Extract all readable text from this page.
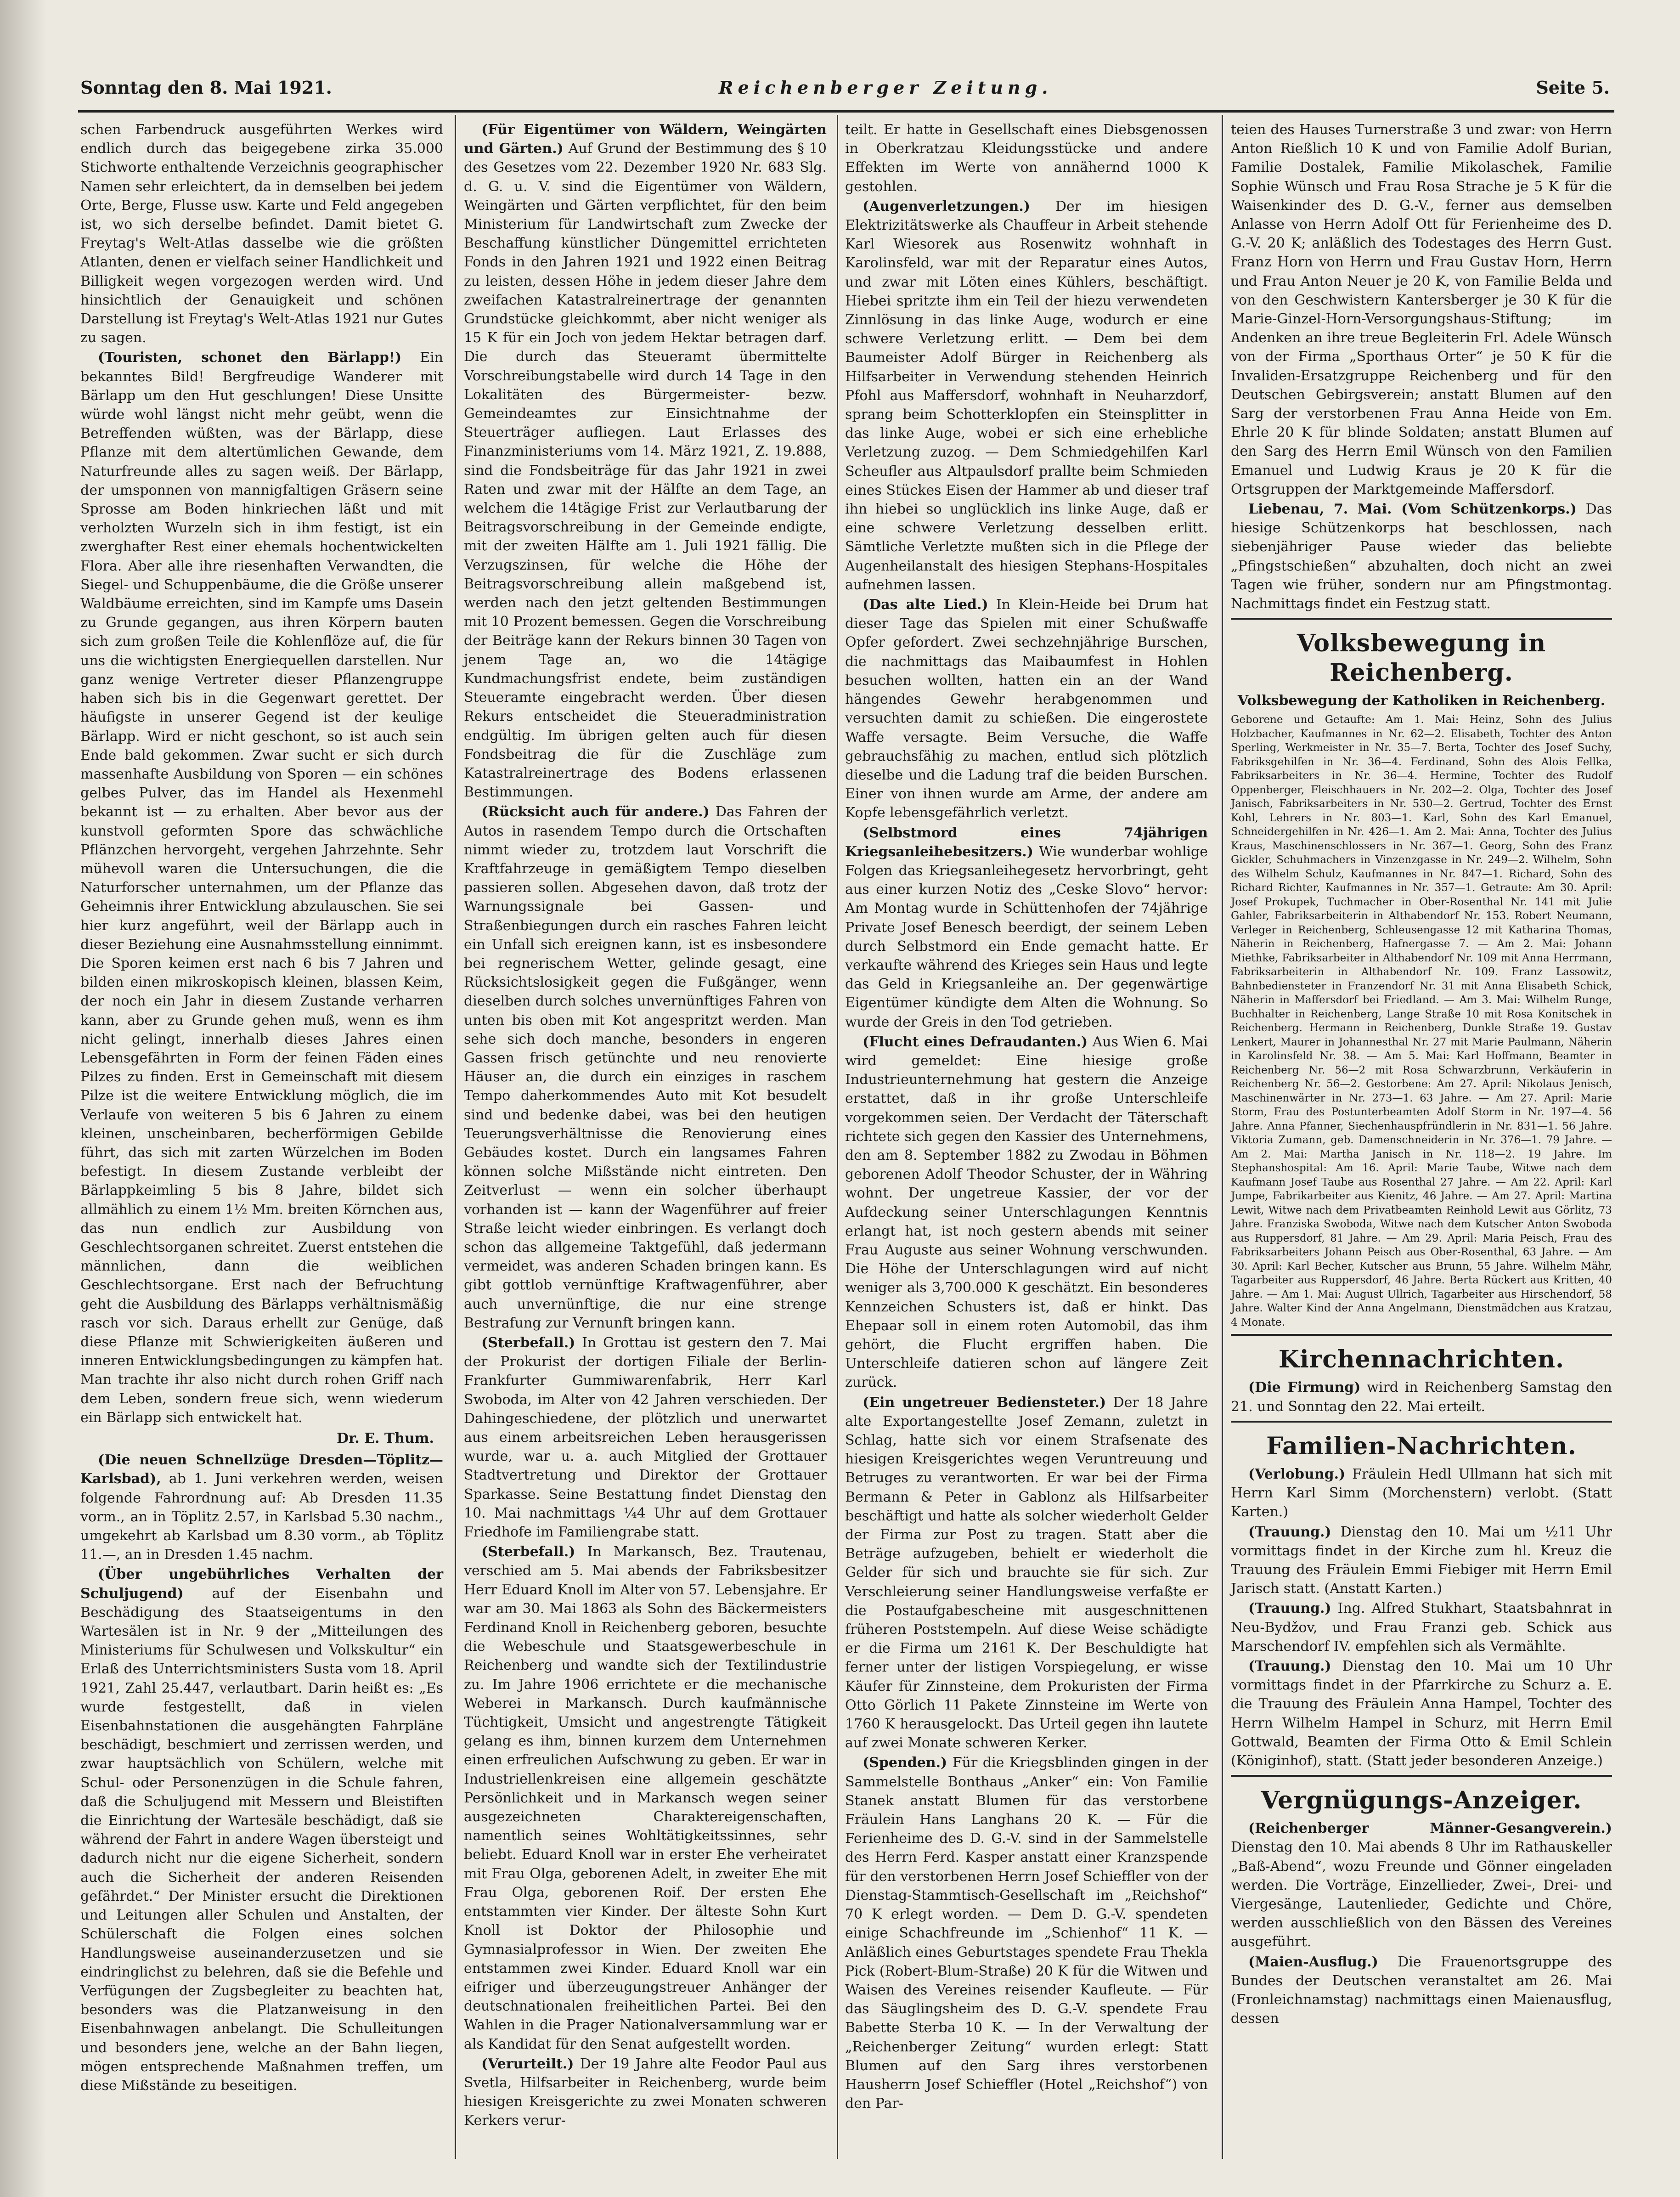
Sonntag den 8. Mai 1921.	Reichenberger Zeitung.	Seite 5.

schen Farbendruck ausgeführten Werkes wird endlich durch das beigegebene zirka 35.000 Stichworte enthaltende Verzeichnis geographischer Namen sehr erleichtert, da in demselben bei jedem Orte, Berge, Flusse usw. Karte und Feld angegeben ist, wo sich derselbe befindet. Damit bietet G. Freytag's Welt-Atlas dasselbe wie die größten Atlanten, denen er vielfach seiner Handlichkeit und Billigkeit wegen vorgezogen werden wird. Und hinsichtlich der Genauigkeit und schönen Darstellung ist Freytag's Welt-Atlas 1921 nur Gutes zu sagen.

(Touristen, schonet den Bärlapp!) Ein bekanntes Bild! Bergfreudige Wanderer mit Bärlapp um den Hut geschlungen! Diese Unsitte würde wohl längst nicht mehr geübt, wenn die Betreffenden wüßten, was der Bärlapp, diese Pflanze mit dem altertümlichen Gewande, dem Naturfreunde alles zu sagen weiß. Der Bärlapp, der umsponnen von mannigfaltigen Gräsern seine Sprosse am Boden hinkriechen läßt und mit verholzten Wurzeln sich in ihm festigt, ist ein zwerghafter Rest einer ehemals hochentwickelten Flora. Aber alle ihre riesenhaften Verwandten, die Siegel- und Schuppenbäume, die die Größe unserer Waldbäume erreichten, sind im Kampfe ums Dasein zu Grunde gegangen, aus ihren Körpern bauten sich zum großen Teile die Kohlenflöze auf, die für uns die wichtigsten Energiequellen darstellen. Nur ganz wenige Vertreter dieser Pflanzengruppe haben sich bis in die Gegenwart gerettet. Der häufigste in unserer Gegend ist der keulige Bärlapp. Wird er nicht geschont, so ist auch sein Ende bald gekommen. Zwar sucht er sich durch massenhafte Ausbildung von Sporen — ein schönes gelbes Pulver, das im Handel als Hexenmehl bekannt ist — zu erhalten. Aber bevor aus der kunstvoll geformten Spore das schwächliche Pflänzchen hervorgeht, vergehen Jahrzehnte. Sehr mühevoll waren die Untersuchungen, die die Naturforscher unternahmen, um der Pflanze das Geheimnis ihrer Entwicklung abzulauschen. Sie sei hier kurz angeführt, weil der Bärlapp auch in dieser Beziehung eine Ausnahmsstellung einnimmt. Die Sporen keimen erst nach 6 bis 7 Jahren und bilden einen mikroskopisch kleinen, blassen Keim, der noch ein Jahr in diesem Zustande verharren kann, aber zu Grunde gehen muß, wenn es ihm nicht gelingt, innerhalb dieses Jahres einen Lebensgefährten in Form der feinen Fäden eines Pilzes zu finden. Erst in Gemeinschaft mit diesem Pilze ist die weitere Entwicklung möglich, die im Verlaufe von weiteren 5 bis 6 Jahren zu einem kleinen, unscheinbaren, becherförmigen Gebilde führt, das sich mit zarten Würzelchen im Boden befestigt. In diesem Zustande verbleibt der Bärlappkeimling 5 bis 8 Jahre, bildet sich allmählich zu einem 1½ Mm. breiten Körnchen aus, das nun endlich zur Ausbildung von Geschlechtsorganen schreitet. Zuerst entstehen die männlichen, dann die weiblichen Geschlechtsorgane. Erst nach der Befruchtung geht die Ausbildung des Bärlapps verhältnismäßig rasch vor sich. Daraus erhellt zur Genüge, daß diese Pflanze mit Schwierigkeiten äußeren und inneren Entwicklungsbedingungen zu kämpfen hat. Man trachte ihr also nicht durch rohen Griff nach dem Leben, sondern freue sich, wenn wiederum ein Bärlapp sich entwickelt hat.

Dr. E. Thum.

(Die neuen Schnellzüge Dresden—Töplitz—Karlsbad), ab 1. Juni verkehren werden, weisen folgende Fahrordnung auf: Ab Dresden 11.35 vorm., an in Töplitz 2.57, in Karlsbad 5.30 nachm., umgekehrt ab Karlsbad um 8.30 vorm., ab Töplitz 11.—, an in Dresden 1.45 nachm.

(Über ungebührliches Verhalten der Schuljugend) auf der Eisenbahn und Beschädigung des Staatseigentums in den Wartesälen ist in Nr. 9 der „Mitteilungen des Ministeriums für Schulwesen und Volkskultur“ ein Erlaß des Unterrichtsministers Susta vom 18. April 1921, Zahl 25.447, verlautbart. Darin heißt es: „Es wurde festgestellt, daß in vielen Eisenbahnstationen die ausgehängten Fahrpläne beschädigt, beschmiert und zerrissen werden, und zwar hauptsächlich von Schülern, welche mit Schul- oder Personenzügen in die Schule fahren, daß die Schuljugend mit Messern und Bleistiften die Einrichtung der Wartesäle beschädigt, daß sie während der Fahrt in andere Wagen übersteigt und dadurch nicht nur die eigene Sicherheit, sondern auch die Sicherheit der anderen Reisenden gefährdet.“ Der Minister ersucht die Direktionen und Leitungen aller Schulen und Anstalten, der Schülerschaft die Folgen eines solchen Handlungsweise auseinanderzusetzen und sie eindringlichst zu belehren, daß sie die Befehle und Verfügungen der Zugsbegleiter zu beachten hat, besonders was die Platzanweisung in den Eisenbahnwagen anbelangt. Die Schulleitungen und besonders jene, welche an der Bahn liegen, mögen entsprechende Maßnahmen treffen, um diese Mißstände zu beseitigen.

(Für Eigentümer von Wäldern, Weingärten und Gärten.) Auf Grund der Bestimmung des § 10 des Gesetzes vom 22. Dezember 1920 Nr. 683 Slg. d. G. u. V. sind die Eigentümer von Wäldern, Weingärten und Gärten verpflichtet, für den beim Ministerium für Landwirtschaft zum Zwecke der Beschaffung künstlicher Düngemittel errichteten Fonds in den Jahren 1921 und 1922 einen Beitrag zu leisten, dessen Höhe in jedem dieser Jahre dem zweifachen Katastralreinertrage der genannten Grundstücke gleichkommt, aber nicht weniger als 15 K für ein Joch von jedem Hektar betragen darf. Die durch das Steueramt übermittelte Vorschreibungstabelle wird durch 14 Tage in den Lokalitäten des Bürgermeister- bezw. Gemeindeamtes zur Einsichtnahme der Steuerträger aufliegen. Laut Erlasses des Finanzministeriums vom 14. März 1921, Z. 19.888, sind die Fondsbeiträge für das Jahr 1921 in zwei Raten und zwar mit der Hälfte an dem Tage, an welchem die 14tägige Frist zur Verlautbarung der Beitragsvorschreibung in der Gemeinde endigte, mit der zweiten Hälfte am 1. Juli 1921 fällig. Die Verzugszinsen, für welche die Höhe der Beitragsvorschreibung allein maßgebend ist, werden nach den jetzt geltenden Bestimmungen mit 10 Prozent bemessen. Gegen die Vorschreibung der Beiträge kann der Rekurs binnen 30 Tagen von jenem Tage an, wo die 14tägige Kundmachungsfrist endete, beim zuständigen Steueramte eingebracht werden. Über diesen Rekurs entscheidet die Steueradministration endgültig. Im übrigen gelten auch für diesen Fondsbeitrag die für die Zuschläge zum Katastralreinertrage des Bodens erlassenen Bestimmungen.

(Rücksicht auch für andere.) Das Fahren der Autos in rasendem Tempo durch die Ortschaften nimmt wieder zu, trotzdem laut Vorschrift die Kraftfahrzeuge in gemäßigtem Tempo dieselben passieren sollen. Abgesehen davon, daß trotz der Warnungssignale bei Gassen- und Straßenbiegungen durch ein rasches Fahren leicht ein Unfall sich ereignen kann, ist es insbesondere bei regnerischem Wetter, gelinde gesagt, eine Rücksichtslosigkeit gegen die Fußgänger, wenn dieselben durch solches unvernünftiges Fahren von unten bis oben mit Kot angespritzt werden. Man sehe sich doch manche, besonders in engeren Gassen frisch getünchte und neu renovierte Häuser an, die durch ein einziges in raschem Tempo daherkommendes Auto mit Kot besudelt sind und bedenke dabei, was bei den heutigen Teuerungsverhältnisse die Renovierung eines Gebäudes kostet. Durch ein langsames Fahren können solche Mißstände nicht eintreten. Den Zeitverlust — wenn ein solcher überhaupt vorhanden ist — kann der Wagenführer auf freier Straße leicht wieder einbringen. Es verlangt doch schon das allgemeine Taktgefühl, daß jedermann vermeidet, was anderen Schaden bringen kann. Es gibt gottlob vernünftige Kraftwagenführer, aber auch unvernünftige, die nur eine strenge Bestrafung zur Vernunft bringen kann.

(Sterbefall.) In Grottau ist gestern den 7. Mai der Prokurist der dortigen Filiale der Berlin-Frankfurter Gummiwarenfabrik, Herr Karl Swoboda, im Alter von 42 Jahren verschieden. Der Dahingeschiedene, der plötzlich und unerwartet aus einem arbeitsreichen Leben herausgerissen wurde, war u. a. auch Mitglied der Grottauer Stadtvertretung und Direktor der Grottauer Sparkasse. Seine Bestattung findet Dienstag den 10. Mai nachmittags ¼4 Uhr auf dem Grottauer Friedhofe im Familiengrabe statt.

(Sterbefall.) In Markansch, Bez. Trautenau, verschied am 5. Mai abends der Fabriksbesitzer Herr Eduard Knoll im Alter von 57. Lebensjahre. Er war am 30. Mai 1863 als Sohn des Bäckermeisters Ferdinand Knoll in Reichenberg geboren, besuchte die Webeschule und Staatsgewerbeschule in Reichenberg und wandte sich der Textilindustrie zu. Im Jahre 1906 errichtete er die mechanische Weberei in Markansch. Durch kaufmännische Tüchtigkeit, Umsicht und angestrengte Tätigkeit gelang es ihm, binnen kurzem dem Unternehmen einen erfreulichen Aufschwung zu geben. Er war in Industriellenkreisen eine allgemein geschätzte Persönlichkeit und in Markansch wegen seiner ausgezeichneten Charaktereigenschaften, namentlich seines Wohltätigkeitssinnes, sehr beliebt. Eduard Knoll war in erster Ehe verheiratet mit Frau Olga, geborenen Adelt, in zweiter Ehe mit Frau Olga, geborenen Roif. Der ersten Ehe entstammten vier Kinder. Der älteste Sohn Kurt Knoll ist Doktor der Philosophie und Gymnasialprofessor in Wien. Der zweiten Ehe entstammen zwei Kinder. Eduard Knoll war ein eifriger und überzeugungstreuer Anhänger der deutschnationalen freiheitlichen Partei. Bei den Wahlen in die Prager Nationalversammlung war er als Kandidat für den Senat aufgestellt worden.

(Verurteilt.) Der 19 Jahre alte Feodor Paul aus Svetla, Hilfsarbeiter in Reichenberg, wurde beim hiesigen Kreisgerichte zu zwei Monaten schweren Kerkers verur-

teilt. Er hatte in Gesellschaft eines Diebsgenossen in Oberkratzau Kleidungsstücke und andere Effekten im Werte von annähernd 1000 K gestohlen.

(Augenverletzungen.) Der im hiesigen Elektrizitätswerke als Chauffeur in Arbeit stehende Karl Wiesorek aus Rosenwitz wohnhaft in Karolinsfeld, war mit der Reparatur eines Autos, und zwar mit Löten eines Kühlers, beschäftigt. Hiebei spritzte ihm ein Teil der hiezu verwendeten Zinnlösung in das linke Auge, wodurch er eine schwere Verletzung erlitt. — Dem bei dem Baumeister Adolf Bürger in Reichenberg als Hilfsarbeiter in Verwendung stehenden Heinrich Pfohl aus Maffersdorf, wohnhaft in Neuharzdorf, sprang beim Schotterklopfen ein Steinsplitter in das linke Auge, wobei er sich eine erhebliche Verletzung zuzog. — Dem Schmiedgehilfen Karl Scheufler aus Altpaulsdorf prallte beim Schmieden eines Stückes Eisen der Hammer ab und dieser traf ihn hiebei so unglücklich ins linke Auge, daß er eine schwere Verletzung desselben erlitt. Sämtliche Verletzte mußten sich in die Pflege der Augenheilanstalt des hiesigen Stephans-Hospitales aufnehmen lassen.

(Das alte Lied.) In Klein-Heide bei Drum hat dieser Tage das Spielen mit einer Schußwaffe Opfer gefordert. Zwei sechzehnjährige Burschen, die nachmittags das Maibaumfest in Hohlen besuchen wollten, hatten ein an der Wand hängendes Gewehr herabgenommen und versuchten damit zu schießen. Die eingerostete Waffe versagte. Beim Versuche, die Waffe gebrauchsfähig zu machen, entlud sich plötzlich dieselbe und die Ladung traf die beiden Burschen. Einer von ihnen wurde am Arme, der andere am Kopfe lebensgefährlich verletzt.

(Selbstmord eines 74jährigen Kriegsanleihebesitzers.) Wie wunderbar wohlige Folgen das Kriegsanleihegesetz hervorbringt, geht aus einer kurzen Notiz des „Ceske Slovo“ hervor: Am Montag wurde in Schüttenhofen der 74jährige Private Josef Benesch beerdigt, der seinem Leben durch Selbstmord ein Ende gemacht hatte. Er verkaufte während des Krieges sein Haus und legte das Geld in Kriegsanleihe an. Der gegenwärtige Eigentümer kündigte dem Alten die Wohnung. So wurde der Greis in den Tod getrieben.

(Flucht eines Defraudanten.) Aus Wien 6. Mai wird gemeldet: Eine hiesige große Industrieunternehmung hat gestern die Anzeige erstattet, daß in ihr große Unterschleife vorgekommen seien. Der Verdacht der Täterschaft richtete sich gegen den Kassier des Unternehmens, den am 8. September 1882 zu Zwodau in Böhmen geborenen Adolf Theodor Schuster, der in Währing wohnt. Der ungetreue Kassier, der vor der Aufdeckung seiner Unterschlagungen Kenntnis erlangt hat, ist noch gestern abends mit seiner Frau Auguste aus seiner Wohnung verschwunden. Die Höhe der Unterschlagungen wird auf nicht weniger als 3,700.000 K geschätzt. Ein besonderes Kennzeichen Schusters ist, daß er hinkt. Das Ehepaar soll in einem roten Automobil, das ihm gehört, die Flucht ergriffen haben. Die Unterschleife datieren schon auf längere Zeit zurück.

(Ein ungetreuer Bediensteter.) Der 18 Jahre alte Exportangestellte Josef Zemann, zuletzt in Schlag, hatte sich vor einem Strafsenate des hiesigen Kreisgerichtes wegen Veruntreuung und Betruges zu verantworten. Er war bei der Firma Bermann & Peter in Gablonz als Hilfsarbeiter beschäftigt und hatte als solcher wiederholt Gelder der Firma zur Post zu tragen. Statt aber die Beträge aufzugeben, behielt er wiederholt die Gelder für sich und brauchte sie für sich. Zur Verschleierung seiner Handlungsweise verfaßte er die Postaufgabescheine mit ausgeschnittenen früheren Poststempeln. Auf diese Weise schädigte er die Firma um 2161 K. Der Beschuldigte hat ferner unter der listigen Vorspiegelung, er wisse Käufer für Zinnsteine, dem Prokuristen der Firma Otto Görlich 11 Pakete Zinnsteine im Werte von 1760 K herausgelockt. Das Urteil gegen ihn lautete auf zwei Monate schweren Kerker.

(Spenden.) Für die Kriegsblinden gingen in der Sammelstelle Bonthaus „Anker“ ein: Von Familie Stanek anstatt Blumen für das verstorbene Fräulein Hans Langhans 20 K. — Für die Ferienheime des D. G.-V. sind in der Sammelstelle des Herrn Ferd. Kasper anstatt einer Kranzspende für den verstorbenen Herrn Josef Schieffler von der Dienstag-Stammtisch-Gesellschaft im „Reichshof“ 70 K erlegt worden. — Dem D. G.-V. spendeten einige Schachfreunde im „Schienhof“ 11 K. — Anläßlich eines Geburtstages spendete Frau Thekla Pick (Robert-Blum-Straße) 20 K für die Witwen und Waisen des Vereines reisender Kaufleute. — Für das Säuglingsheim des D. G.-V. spendete Frau Babette Sterba 10 K. — In der Verwaltung der „Reichenberger Zeitung“ wurden erlegt: Statt Blumen auf den Sarg ihres verstorbenen Hausherrn Josef Schieffler (Hotel „Reichshof“) von den Par-

teien des Hauses Turnerstraße 3 und zwar: von Herrn Anton Rießlich 10 K und von Familie Adolf Burian, Familie Dostalek, Familie Mikolaschek, Familie Sophie Wünsch und Frau Rosa Strache je 5 K für die Waisenkinder des D. G.-V., ferner aus demselben Anlasse von Herrn Adolf Ott für Ferienheime des D. G.-V. 20 K; anläßlich des Todestages des Herrn Gust. Franz Horn von Herrn und Frau Gustav Horn, Herrn und Frau Anton Neuer je 20 K, von Familie Belda und von den Geschwistern Kantersberger je 30 K für die Marie-Ginzel-Horn-Versorgungshaus-Stiftung; im Andenken an ihre treue Begleiterin Frl. Adele Wünsch von der Firma „Sporthaus Orter“ je 50 K für die Invaliden-Ersatzgruppe Reichenberg und für den Deutschen Gebirgsverein; anstatt Blumen auf den Sarg der verstorbenen Frau Anna Heide von Em. Ehrle 20 K für blinde Soldaten; anstatt Blumen auf den Sarg des Herrn Emil Wünsch von den Familien Emanuel und Ludwig Kraus je 20 K für die Ortsgruppen der Marktgemeinde Maffersdorf.

Liebenau, 7. Mai. (Vom Schützenkorps.) Das hiesige Schützenkorps hat beschlossen, nach siebenjähriger Pause wieder das beliebte „Pfingstschießen“ abzuhalten, doch nicht an zwei Tagen wie früher, sondern nur am Pfingstmontag. Nachmittags findet ein Festzug statt.

Volksbewegung in Reichenberg.
Volksbewegung der Katholiken in Reichenberg.

Geborene und Getaufte: Am 1. Mai: Heinz, Sohn des Julius Holzbacher, Kaufmannes in Nr. 62—2. Elisabeth, Tochter des Anton Sperling, Werkmeister in Nr. 35—7. Berta, Tochter des Josef Suchy, Fabriksgehilfen in Nr. 36—4. Ferdinand, Sohn des Alois Fellka, Fabriksarbeiters in Nr. 36—4. Hermine, Tochter des Rudolf Oppenberger, Fleischhauers in Nr. 202—2. Olga, Tochter des Josef Janisch, Fabriksarbeiters in Nr. 530—2. Gertrud, Tochter des Ernst Kohl, Lehrers in Nr. 803—1. Karl, Sohn des Karl Emanuel, Schneidergehilfen in Nr. 426—1. Am 2. Mai: Anna, Tochter des Julius Kraus, Maschinenschlossers in Nr. 367—1. Georg, Sohn des Franz Gickler, Schuhmachers in Vinzenzgasse in Nr. 249—2. Wilhelm, Sohn des Wilhelm Schulz, Kaufmannes in Nr. 847—1. Richard, Sohn des Richard Richter, Kaufmannes in Nr. 357—1. Getraute: Am 30. April: Josef Prokupek, Tuchmacher in Ober-Rosenthal Nr. 141 mit Julie Gahler, Fabriksarbeiterin in Althabendorf Nr. 153. Robert Neumann, Verleger in Reichenberg, Schleusengasse 12 mit Katharina Thomas, Näherin in Reichenberg, Hafnergasse 7. — Am 2. Mai: Johann Miethke, Fabriksarbeiter in Althabendorf Nr. 109 mit Anna Herrmann, Fabriksarbeiterin in Althabendorf Nr. 109. Franz Lassowitz, Bahnbediensteter in Franzendorf Nr. 31 mit Anna Elisabeth Schick, Näherin in Maffersdorf bei Friedland. — Am 3. Mai: Wilhelm Runge, Buchhalter in Reichenberg, Lange Straße 10 mit Rosa Konitschek in Reichenberg. Hermann in Reichenberg, Dunkle Straße 19. Gustav Lenkert, Maurer in Johannesthal Nr. 27 mit Marie Paulmann, Näherin in Karolinsfeld Nr. 38. — Am 5. Mai: Karl Hoffmann, Beamter in Reichenberg Nr. 56—2 mit Rosa Schwarzbrunn, Verkäuferin in Reichenberg Nr. 56—2. Gestorbene: Am 27. April: Nikolaus Jenisch, Maschinenwärter in Nr. 273—1. 63 Jahre. — Am 27. April: Marie Storm, Frau des Postunterbeamten Adolf Storm in Nr. 197—4. 56 Jahre. Anna Pfanner, Siechenhauspfründlerin in Nr. 831—1. 56 Jahre. Viktoria Zumann, geb. Damenschneiderin in Nr. 376—1. 79 Jahre. — Am 2. Mai: Martha Janisch in Nr. 118—2. 19 Jahre. Im Stephanshospital: Am 16. April: Marie Taube, Witwe nach dem Kaufmann Josef Taube aus Rosenthal 27 Jahre. — Am 22. April: Karl Jumpe, Fabrikarbeiter aus Kienitz, 46 Jahre. — Am 27. April: Martina Lewit, Witwe nach dem Privatbeamten Reinhold Lewit aus Görlitz, 73 Jahre. Franziska Swoboda, Witwe nach dem Kutscher Anton Swoboda aus Ruppersdorf, 81 Jahre. — Am 29. April: Maria Peisch, Frau des Fabriksarbeiters Johann Peisch aus Ober-Rosenthal, 63 Jahre. — Am 30. April: Karl Becher, Kutscher aus Brunn, 55 Jahre. Wilhelm Mähr, Tagarbeiter aus Ruppersdorf, 46 Jahre. Berta Rückert aus Kritten, 40 Jahre. — Am 1. Mai: August Ullrich, Tagarbeiter aus Hirschendorf, 58 Jahre. Walter Kind der Anna Angelmann, Dienstmädchen aus Kratzau, 4 Monate.

Kirchennachrichten.

(Die Firmung) wird in Reichenberg Samstag den 21. und Sonntag den 22. Mai erteilt.

Familien-Nachrichten.

(Verlobung.) Fräulein Hedl Ullmann hat sich mit Herrn Karl Simm (Morchenstern) verlobt. (Statt Karten.)

(Trauung.) Dienstag den 10. Mai um ½11 Uhr vormittags findet in der Kirche zum hl. Kreuz die Trauung des Fräulein Emmi Fiebiger mit Herrn Emil Jarisch statt. (Anstatt Karten.)

(Trauung.) Ing. Alfred Stukhart, Staatsbahnrat in Neu-Bydžov, und Frau Franzi geb. Schick aus Marschendorf IV. empfehlen sich als Vermählte.

(Trauung.) Dienstag den 10. Mai um 10 Uhr vormittags findet in der Pfarrkirche zu Schurz a. E. die Trauung des Fräulein Anna Hampel, Tochter des Herrn Wilhelm Hampel in Schurz, mit Herrn Emil Gottwald, Beamten der Firma Otto & Emil Schlein (Königinhof), statt. (Statt jeder besonderen Anzeige.)

Vergnügungs-Anzeiger.

(Reichenberger Männer-Gesangverein.) Dienstag den 10. Mai abends 8 Uhr im Rathauskeller „Baß-Abend“, wozu Freunde und Gönner eingeladen werden. Die Vorträge, Einzellieder, Zwei-, Drei- und Viergesänge, Lautenlieder, Gedichte und Chöre, werden ausschließlich von den Bässen des Vereines ausgeführt.

(Maien-Ausflug.) Die Frauenortsgruppe des Bundes der Deutschen veranstaltet am 26. Mai (Fronleichnamstag) nachmittags einen Maienausflug, dessen
